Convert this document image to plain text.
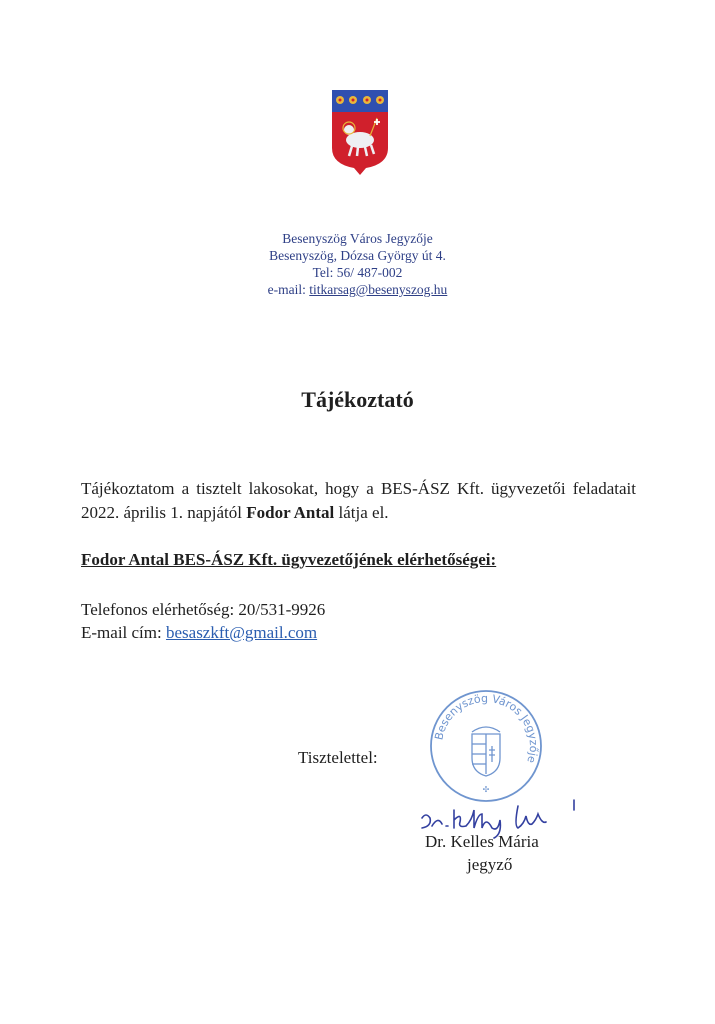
Besenyszög Város Jegyzője
Besenyszög, Dózsa György út 4.
Tel: 56/ 487-002
e-mail: titkarsag@besenyszog.hu
Tájékoztató
Tájékoztatom a tisztelt lakosokat, hogy a BES-ÁSZ Kft. ügyvezetői feladatait 2022. április 1. napjától Fodor Antal látja el.
Fodor Antal BES-ÁSZ Kft. ügyvezetőjének elérhetőségei:
Telefonos elérhetőség: 20/531-9926
E-mail cím: besaszkft@gmail.com
Tisztelettel:
Besenyszög Város Jegyzője
✣
Dr. Kelles Mária
jegyző
